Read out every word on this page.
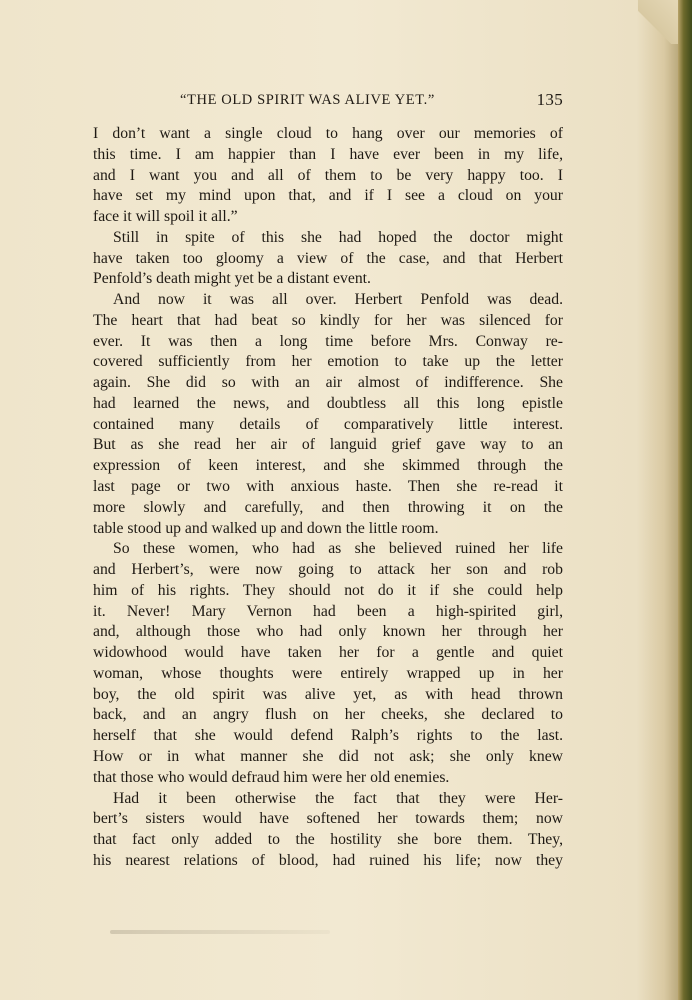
“THE OLD SPIRIT WAS ALIVE YET.”	135

I don’t want a single cloud to hang over our memories of

this time. I am happier than I have ever been in my life,

and I want you and all of them to be very happy too. I

have set my mind upon that, and if I see a cloud on your

face it will spoil it all.”

Still in spite of this she had hoped the doctor might

have taken too gloomy a view of the case, and that Herbert

Penfold’s death might yet be a distant event.

And now it was all over. Herbert Penfold was dead.

The heart that had beat so kindly for her was silenced for

ever. It was then a long time before Mrs. Conway re-

covered sufficiently from her emotion to take up the letter

again. She did so with an air almost of indifference. She

had learned the news, and doubtless all this long epistle

contained many details of comparatively little interest.

But as she read her air of languid grief gave way to an

expression of keen interest, and she skimmed through the

last page or two with anxious haste. Then she re-read it

more slowly and carefully, and then throwing it on the

table stood up and walked up and down the little room.

So these women, who had as she believed ruined her life

and Herbert’s, were now going to attack her son and rob

him of his rights. They should not do it if she could help

it. Never! Mary Vernon had been a high-spirited girl,

and, although those who had only known her through her

widowhood would have taken her for a gentle and quiet

woman, whose thoughts were entirely wrapped up in her

boy, the old spirit was alive yet, as with head thrown

back, and an angry flush on her cheeks, she declared to

herself that she would defend Ralph’s rights to the last.

How or in what manner she did not ask; she only knew

that those who would defraud him were her old enemies.

Had it been otherwise the fact that they were Her-

bert’s sisters would have softened her towards them; now

that fact only added to the hostility she bore them. They,

his nearest relations of blood, had ruined his life; now they
